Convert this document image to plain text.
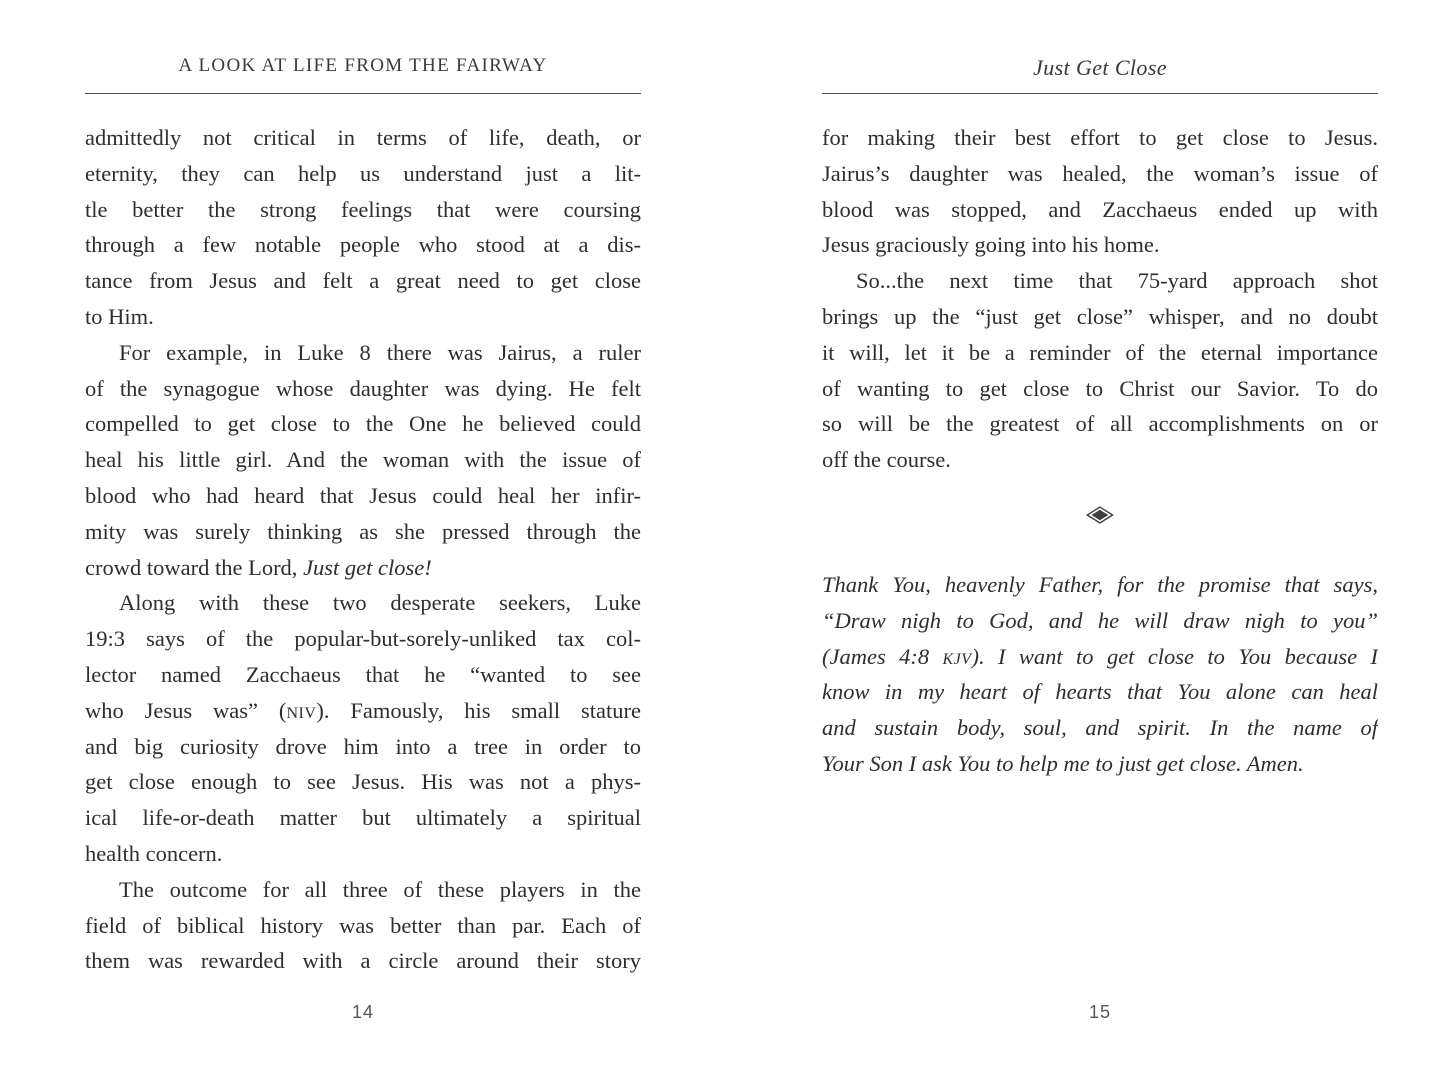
A LOOK AT LIFE FROM THE FAIRWAY
admittedly not critical in terms of life, death, or
eternity, they can help us understand just a lit-
tle better the strong feelings that were coursing
through a few notable people who stood at a dis-
tance from Jesus and felt a great need to get close
to Him.
For example, in Luke 8 there was Jairus, a ruler
of the synagogue whose daughter was dying. He felt
compelled to get close to the One he believed could
heal his little girl. And the woman with the issue of
blood who had heard that Jesus could heal her infir-
mity was surely thinking as she pressed through the
crowd toward the Lord, Just get close!
Along with these two desperate seekers, Luke
19:3 says of the popular-but-sorely-unliked tax col-
lector named Zacchaeus that he “wanted to see
who Jesus was” (niv). Famously, his small stature
and big curiosity drove him into a tree in order to
get close enough to see Jesus. His was not a phys-
ical life-or-death matter but ultimately a spiritual
health concern.
The outcome for all three of these players in the
field of biblical history was better than par. Each of
them was rewarded with a circle around their story
14
Just Get Close
for making their best effort to get close to Jesus.
Jairus’s daughter was healed, the woman’s issue of
blood was stopped, and Zacchaeus ended up with
Jesus graciously going into his home.
So...the next time that 75-yard approach shot
brings up the “just get close” whisper, and no doubt
it will, let it be a reminder of the eternal importance
of wanting to get close to Christ our Savior. To do
so will be the greatest of all accomplishments on or
off the course.
◈
Thank You, heavenly Father, for the promise that says,
“Draw nigh to God, and he will draw nigh to you”
(James 4:8 kjv). I want to get close to You because I
know in my heart of hearts that You alone can heal
and sustain body, soul, and spirit. In the name of
Your Son I ask You to help me to just get close. Amen.
15
